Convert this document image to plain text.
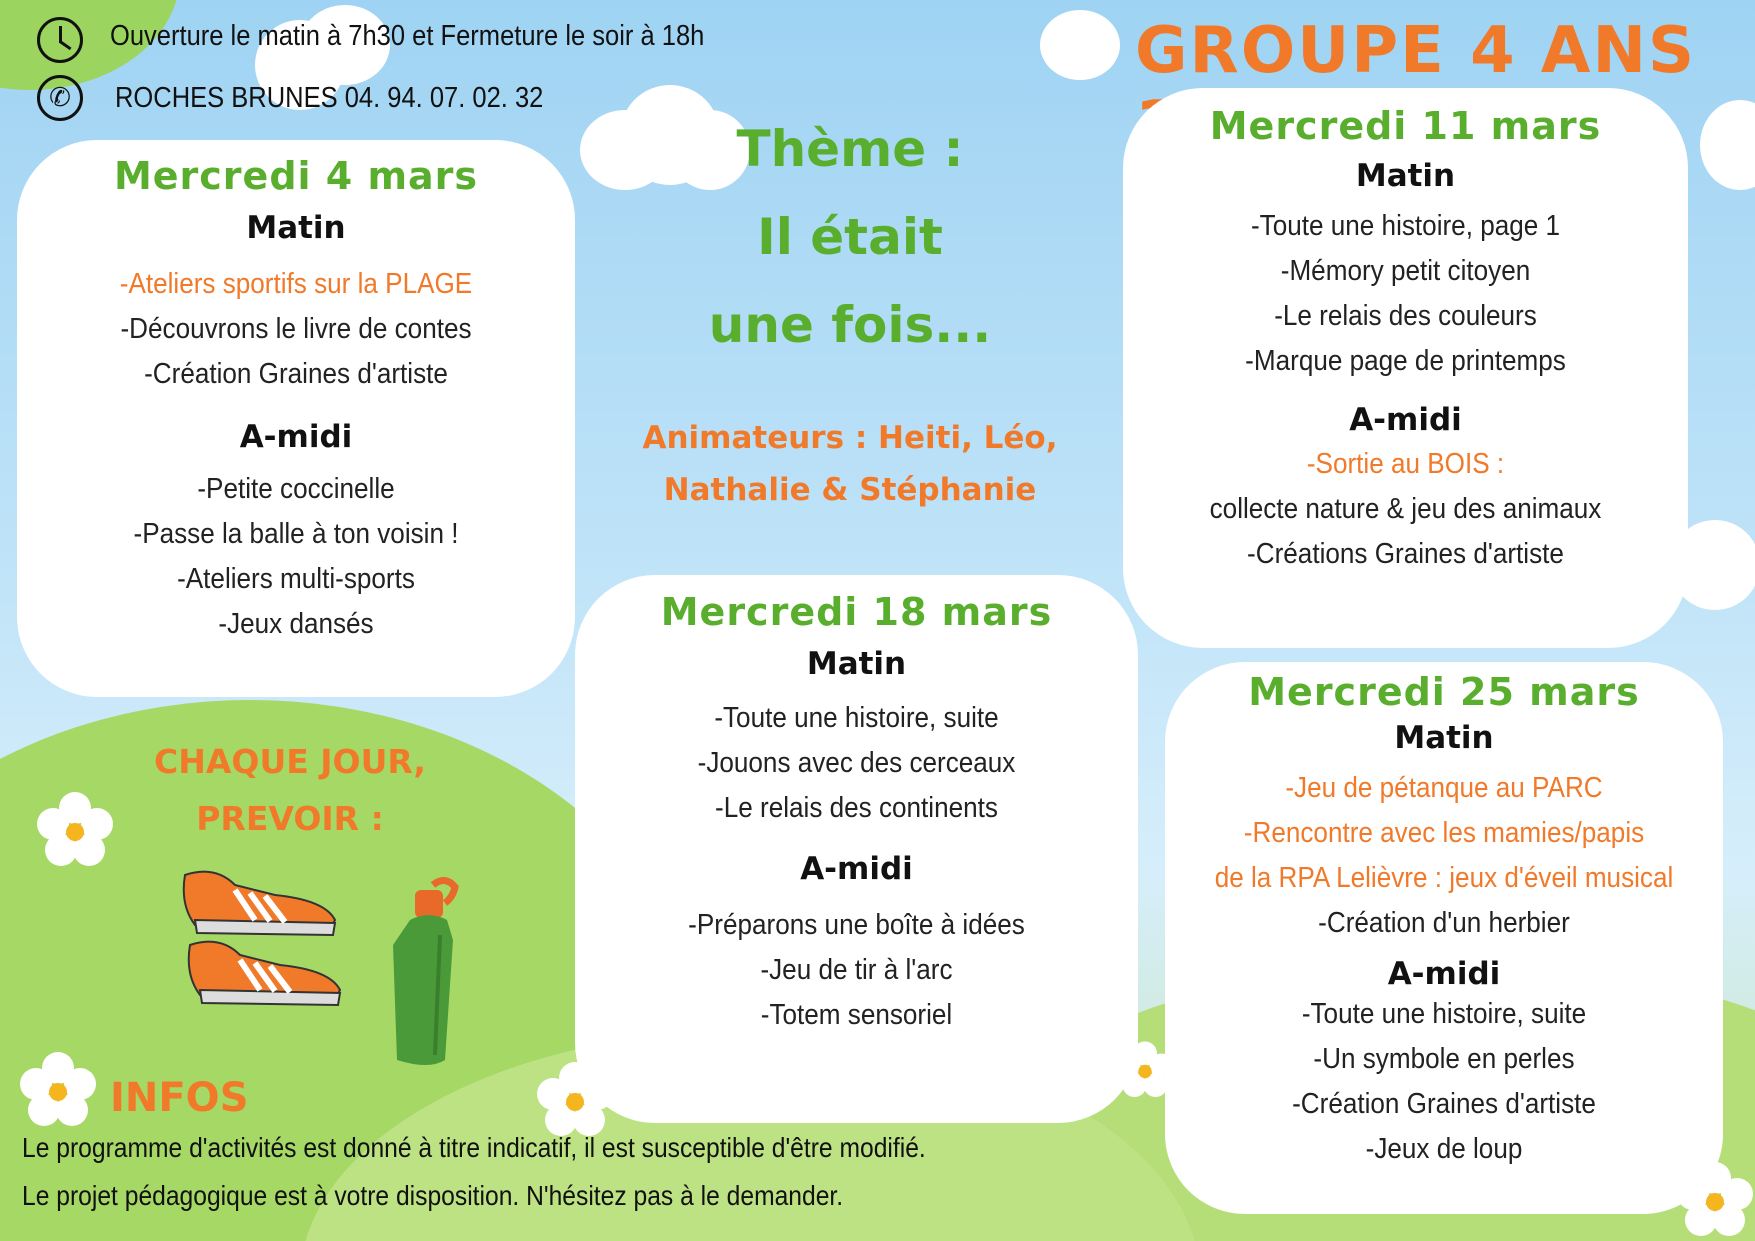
Ouverture le matin à 7h30 et Fermeture le soir à 18h
✆	ROCHES BRUNES 04. 94. 07. 02. 32
GROUPE 4 ANS
Mercredi 4 mars
Matin
-Ateliers sportifs sur la PLAGE
-Découvrons le livre de contes
-Création Graines d'artiste
A-midi
-Petite coccinelle
-Passe la balle à ton voisin !
-Ateliers multi-sports
-Jeux dansés
Thème :
Il était
une fois...
Animateurs : Heiti, Léo,
Nathalie & Stéphanie
Mercredi 11 mars
Matin
-Toute une histoire, page 1
-Mémory petit citoyen
-Le relais des couleurs
-Marque page de printemps
A-midi
-Sortie au BOIS :
collecte nature & jeu des animaux
-Créations Graines d'artiste
Mercredi 18 mars
Matin
-Toute une histoire, suite
-Jouons avec des cerceaux
-Le relais des continents
A-midi
-Préparons une boîte à idées
-Jeu de tir à l'arc
-Totem sensoriel
Mercredi 25 mars
Matin
-Jeu de pétanque au PARC
-Rencontre avec les mamies/papis
de la RPA Lelièvre : jeux d'éveil musical
-Création d'un herbier
A-midi
-Toute une histoire, suite
-Un symbole en perles
-Création Graines d'artiste
-Jeux de loup
CHAQUE JOUR,
PREVOIR :
INFOS
Le programme d'activités est donné à titre indicatif, il est susceptible d'être modifié.
Le projet pédagogique est à votre disposition. N'hésitez pas à le demander.
